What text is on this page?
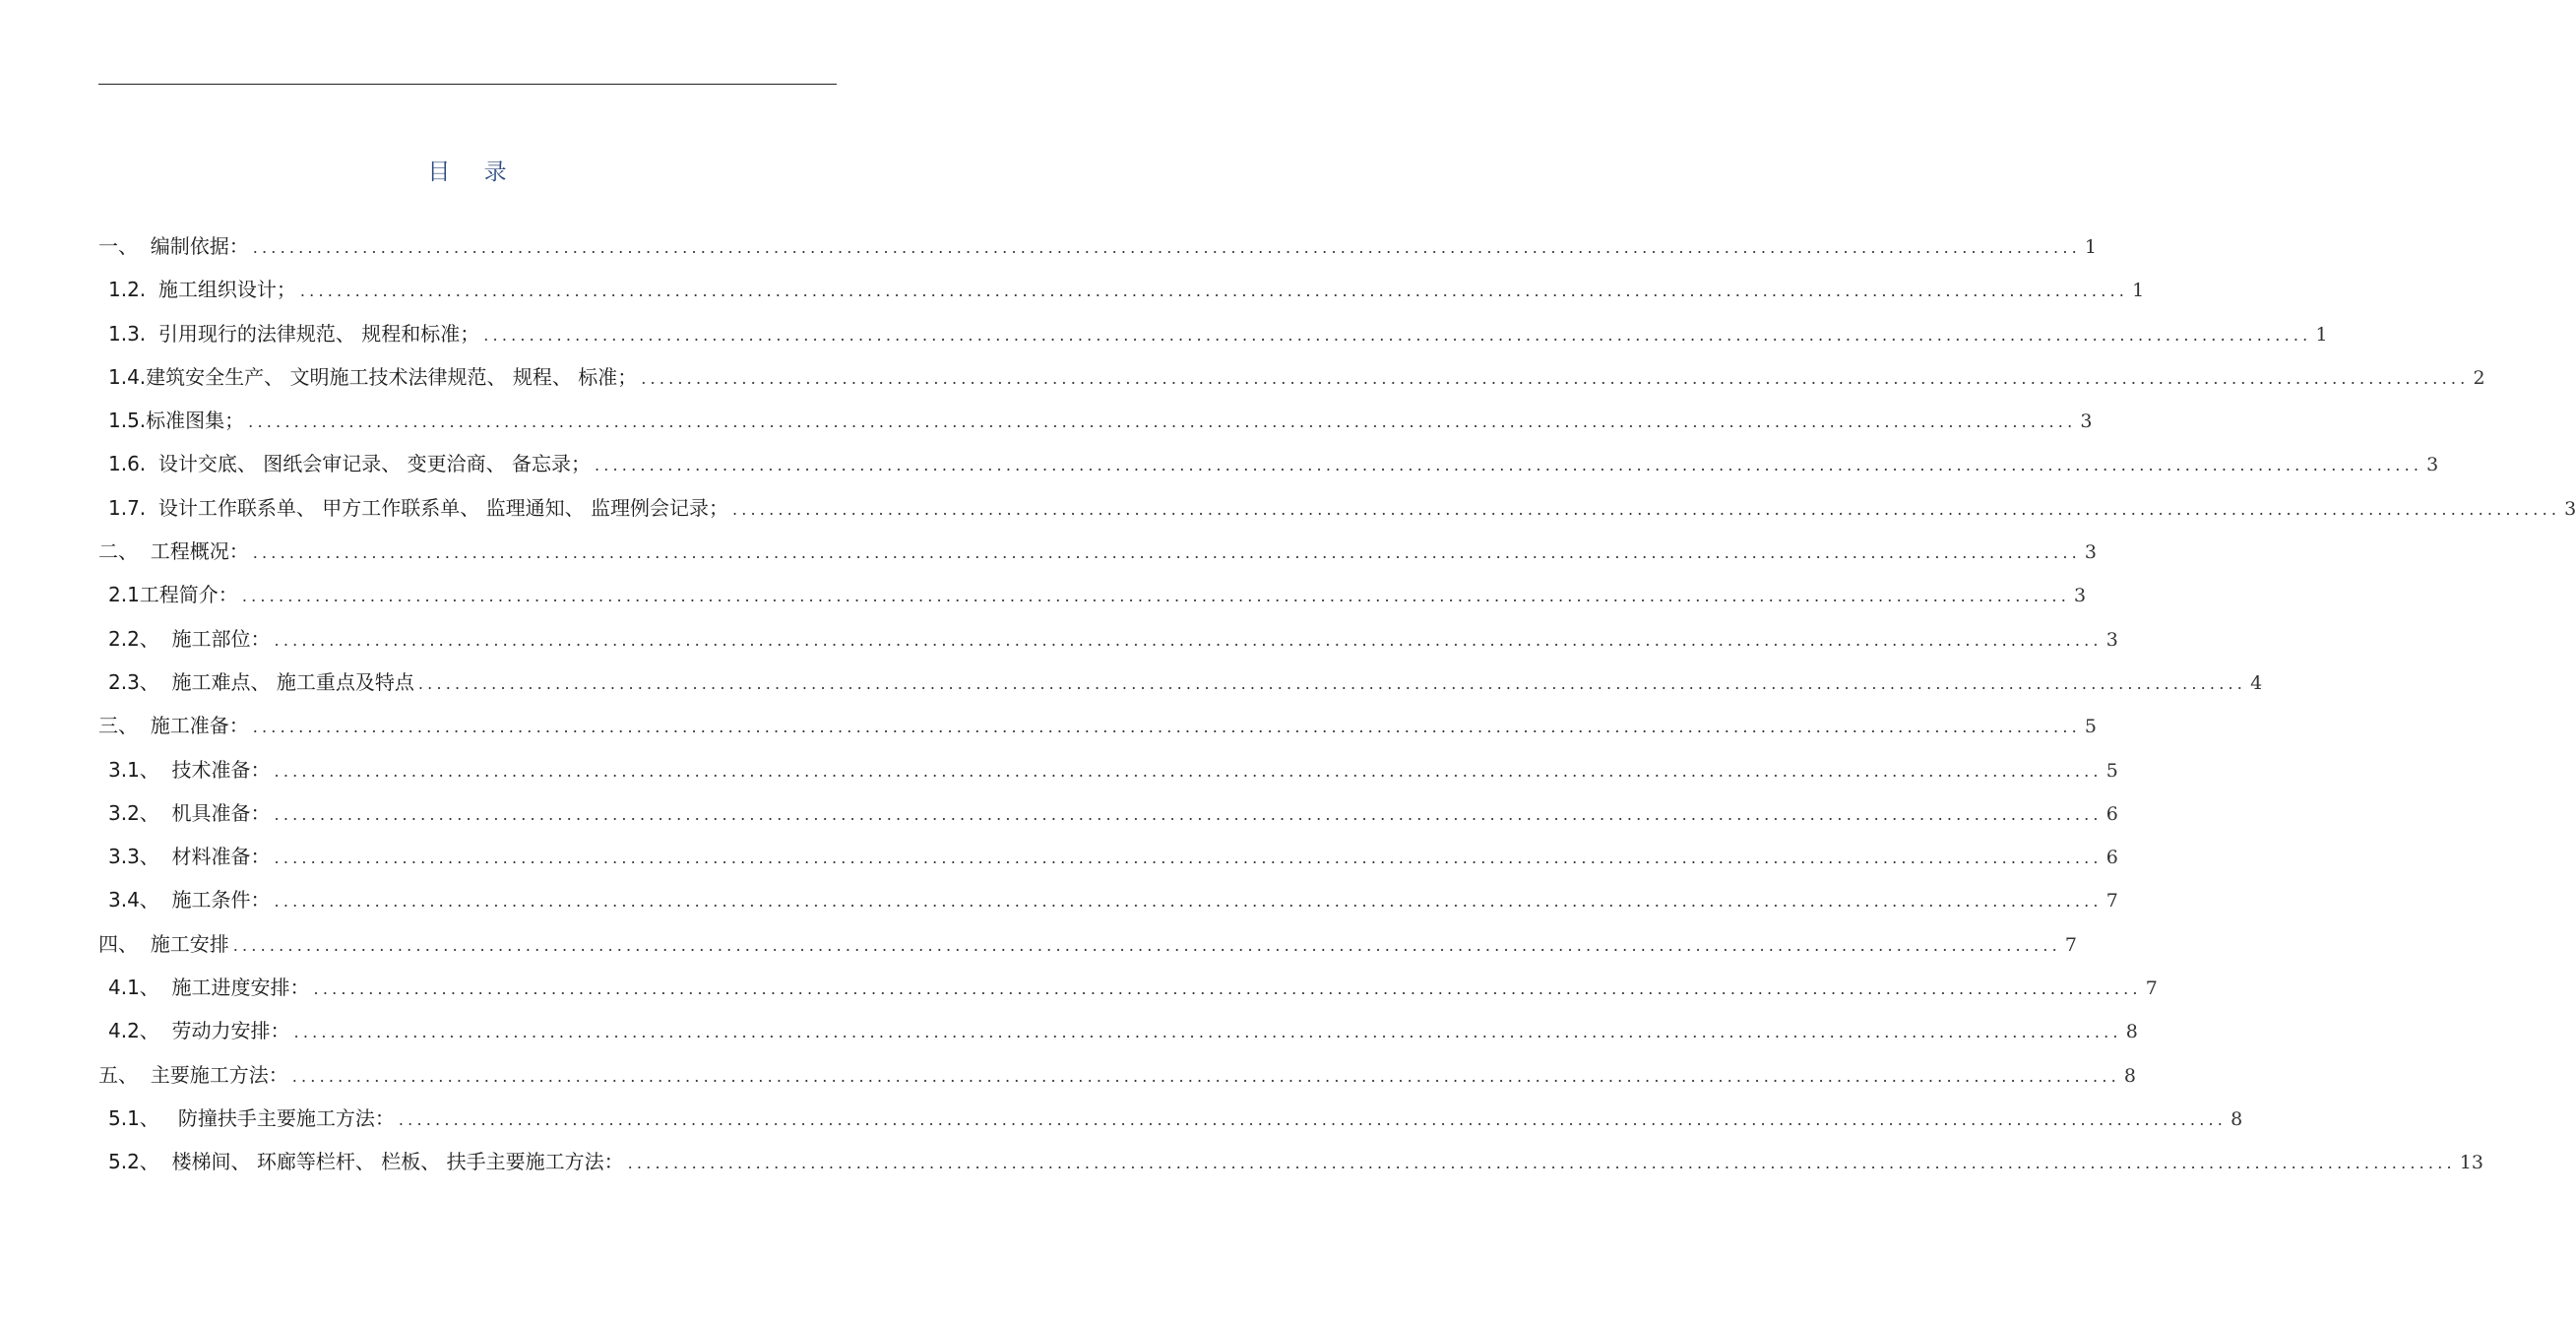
目    录
一、  编制依据： ........................................................................................................................................................................................................ 1
1.2.  施工组织设计； ........................................................................................................................................................................................................ 1
1.3.  引用现行的法律规范、 规程和标准； ........................................................................................................................................................................................................ 1
1.4.建筑安全生产、 文明施工技术法律规范、 规程、 标准； ........................................................................................................................................................................................................ 2
1.5.标准图集； ........................................................................................................................................................................................................ 3
1.6.  设计交底、 图纸会审记录、 变更洽商、 备忘录； ........................................................................................................................................................................................................ 3
1.7.  设计工作联系单、 甲方工作联系单、 监理通知、 监理例会记录； ........................................................................................................................................................................................................ 3
二、  工程概况： ........................................................................................................................................................................................................ 3
2.1工程简介： ........................................................................................................................................................................................................ 3
2.2、  施工部位： ........................................................................................................................................................................................................ 3
2.3、  施工难点、 施工重点及特点 ........................................................................................................................................................................................................ 4
三、  施工准备： ........................................................................................................................................................................................................ 5
3.1、  技术准备： ........................................................................................................................................................................................................ 5
3.2、  机具准备： ........................................................................................................................................................................................................ 6
3.3、  材料准备： ........................................................................................................................................................................................................ 6
3.4、  施工条件： ........................................................................................................................................................................................................ 7
四、  施工安排 ........................................................................................................................................................................................................ 7
4.1、  施工进度安排： ........................................................................................................................................................................................................ 7
4.2、  劳动力安排： ........................................................................................................................................................................................................ 8
五、  主要施工方法： ........................................................................................................................................................................................................ 8
5.1、   防撞扶手主要施工方法： ........................................................................................................................................................................................................ 8
5.2、  楼梯间、 环廊等栏杆、 栏板、 扶手主要施工方法： ........................................................................................................................................................................................................ 13
